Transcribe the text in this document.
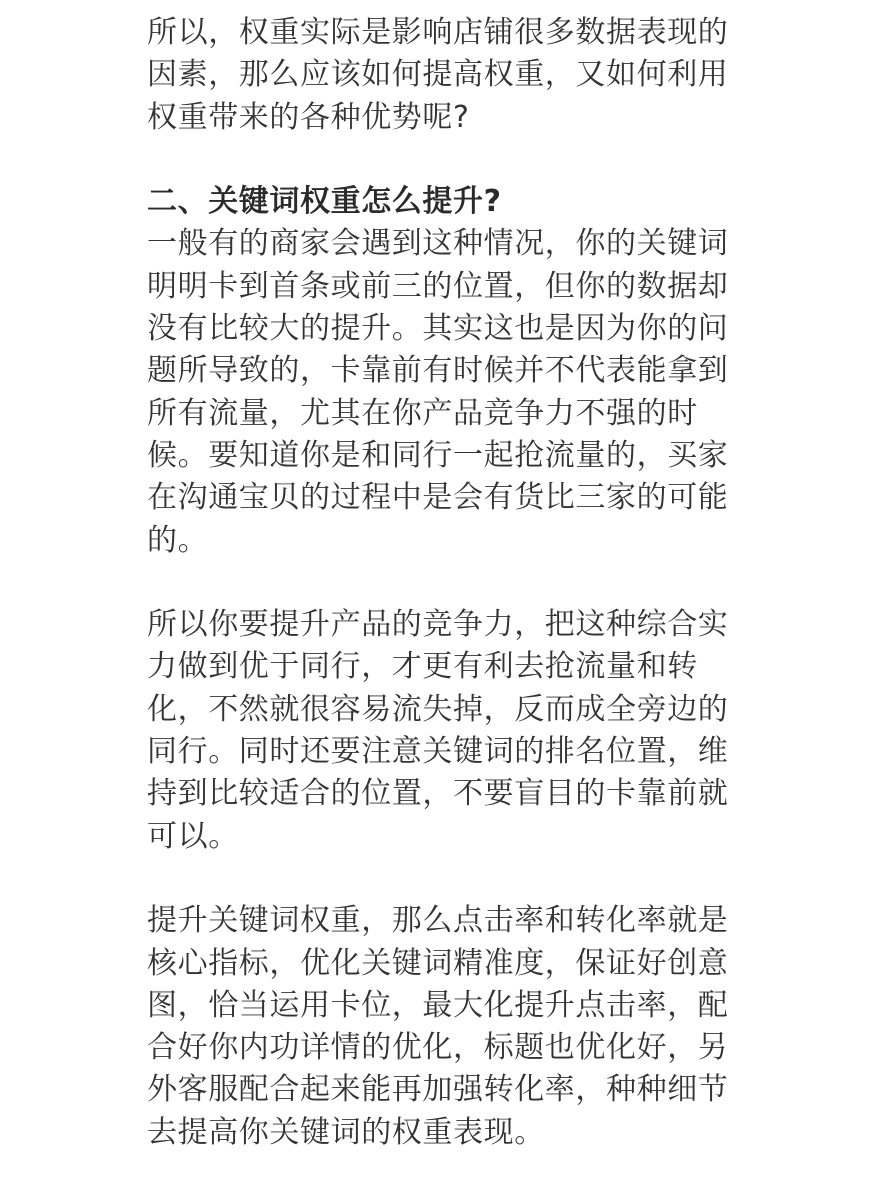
所以，权重实际是影响店铺很多数据表现的
因素，那么应该如何提高权重，又如何利用
权重带来的各种优势呢?
二、关键词权重怎么提升?
一般有的商家会遇到这种情况，你的关键词
明明卡到首条或前三的位置，但你的数据却
没有比较大的提升。其实这也是因为你的问
题所导致的，卡靠前有时候并不代表能拿到
所有流量，尤其在你产品竞争力不强的时
候。要知道你是和同行一起抢流量的，买家
在沟通宝贝的过程中是会有货比三家的可能
的。
所以你要提升产品的竞争力，把这种综合实
力做到优于同行，才更有利去抢流量和转
化，不然就很容易流失掉，反而成全旁边的
同行。同时还要注意关键词的排名位置，维
持到比较适合的位置，不要盲目的卡靠前就
可以。
提升关键词权重，那么点击率和转化率就是
核心指标，优化关键词精准度，保证好创意
图，恰当运用卡位，最大化提升点击率，配
合好你内功详情的优化，标题也优化好，另
外客服配合起来能再加强转化率，种种细节
去提高你关键词的权重表现。
